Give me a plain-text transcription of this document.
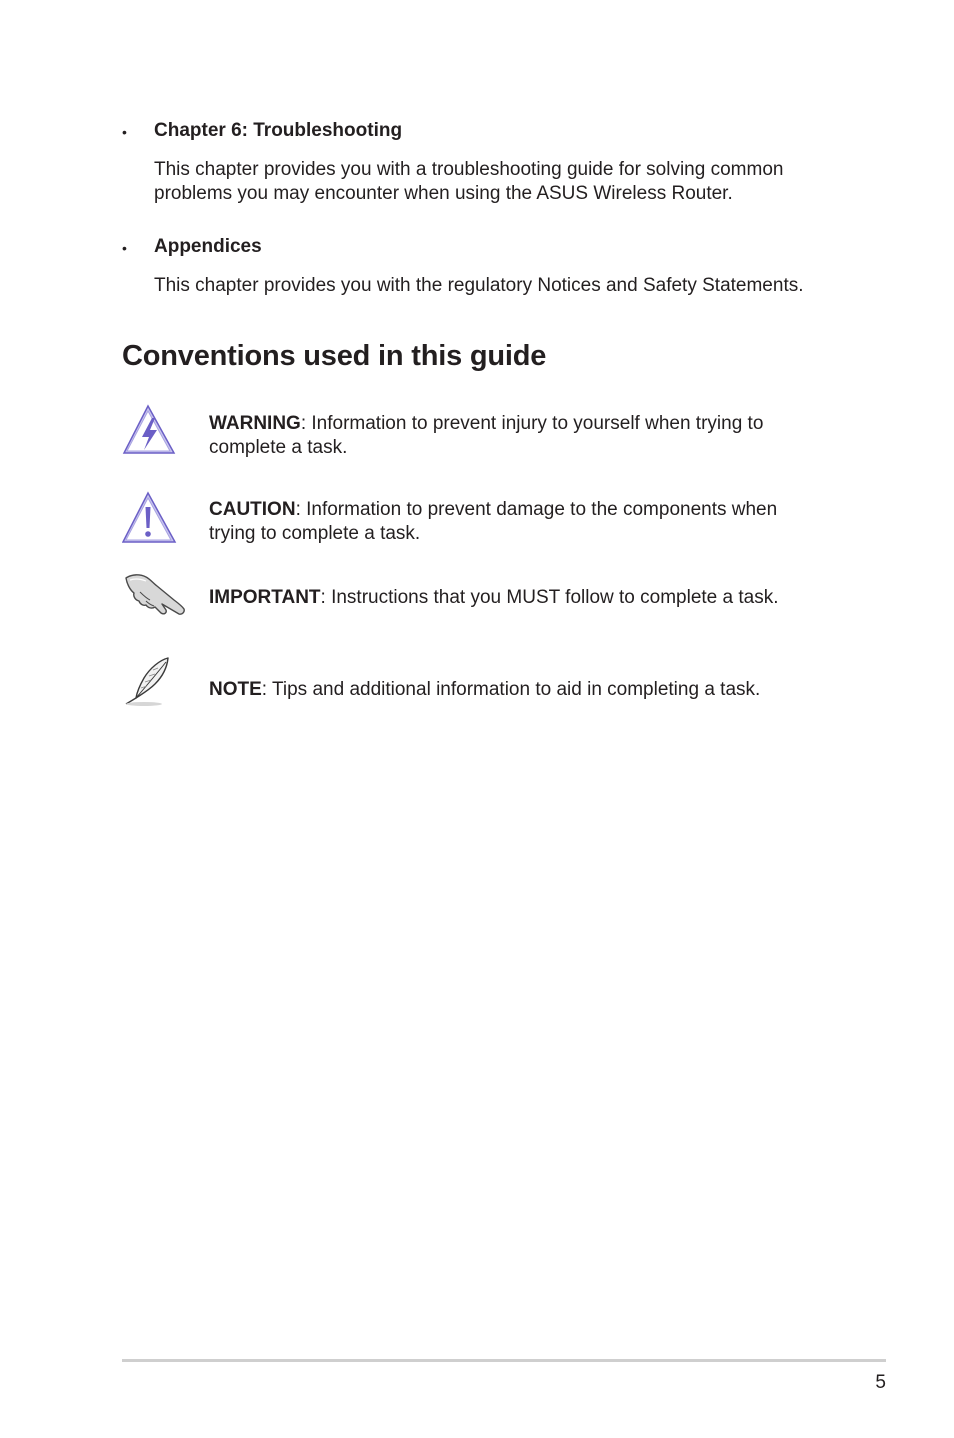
• Chapter 6: Troubleshooting
This chapter provides you with a troubleshooting guide for solving common
problems you may encounter when using the ASUS Wireless Router.
• Appendices
This chapter provides you with the regulatory Notices and Safety Statements.
Conventions used in this guide
WARNING: Information to prevent injury to yourself when trying to
complete a task.
CAUTION: Information to prevent damage to the components when
trying to complete a task.
IMPORTANT: Instructions that you MUST follow to complete a task.
NOTE: Tips and additional information to aid in completing a task.
5
